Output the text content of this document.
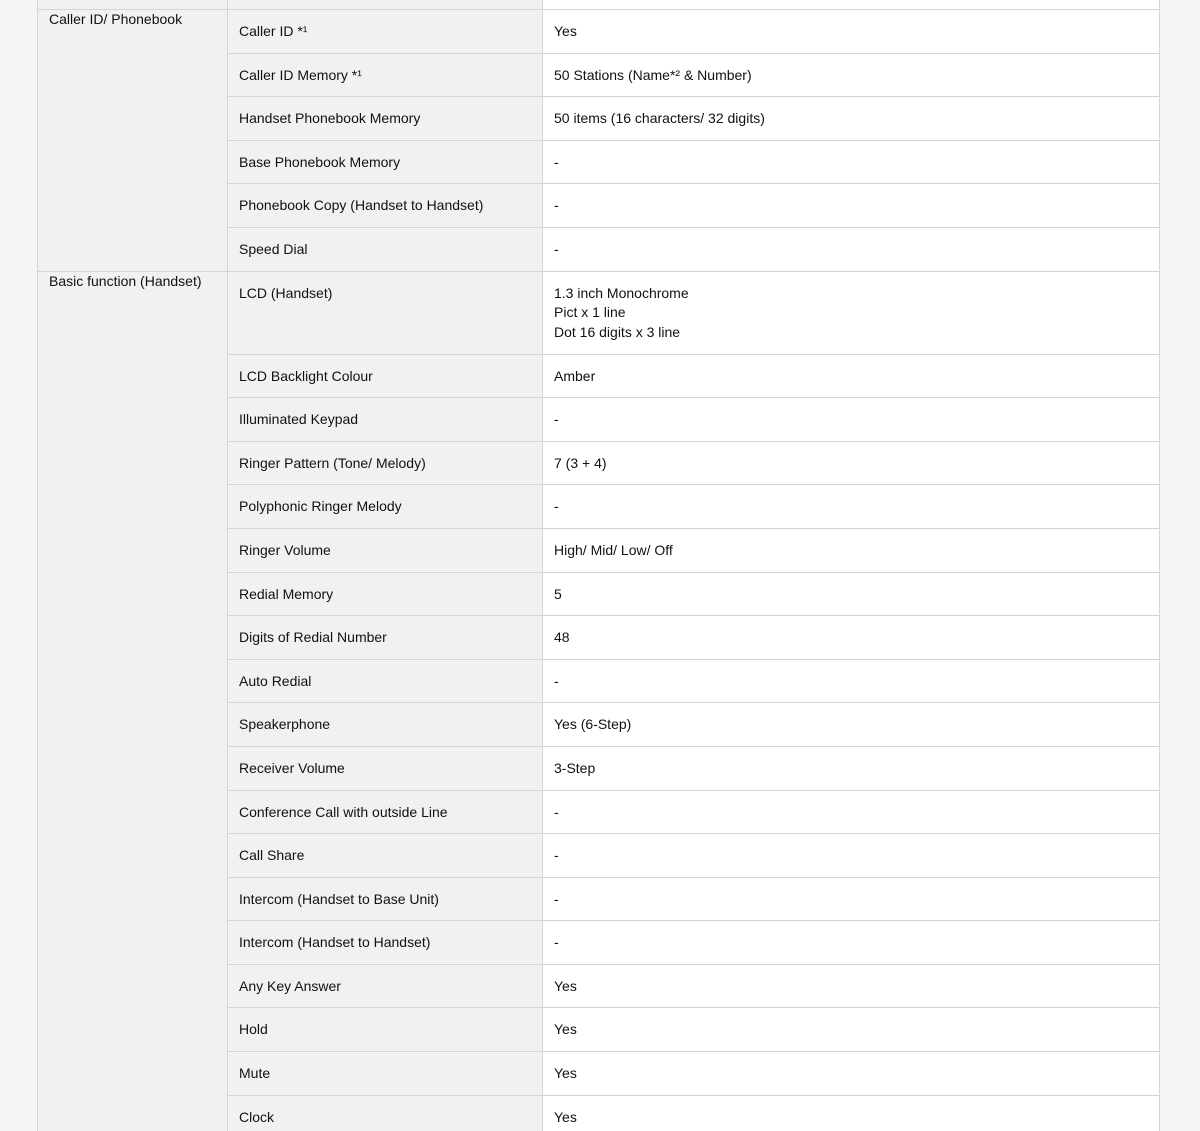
Caller ID/ Phonebook	Caller ID *¹	Yes

	Caller ID Memory *¹	50 Stations (Name*² & Number)

	Handset Phonebook Memory	50 items (16 characters/ 32 digits)

	Base Phonebook Memory	-

	Phonebook Copy (Handset to Handset)	-

	Speed Dial	-

Basic function (Handset)	LCD (Handset)	1.3 inch Monochrome
Pict x 1 line
Dot 16 digits x 3 line

	LCD Backlight Colour	Amber

	Illuminated Keypad	-

	Ringer Pattern (Tone/ Melody)	7 (3 + 4)

	Polyphonic Ringer Melody	-

	Ringer Volume	High/ Mid/ Low/ Off

	Redial Memory	5

	Digits of Redial Number	48

	Auto Redial	-

	Speakerphone	Yes (6-Step)

	Receiver Volume	3-Step

	Conference Call with outside Line	-

	Call Share	-

	Intercom (Handset to Base Unit)	-

	Intercom (Handset to Handset)	-

	Any Key Answer	Yes

	Hold	Yes

	Mute	Yes

	Clock	Yes
